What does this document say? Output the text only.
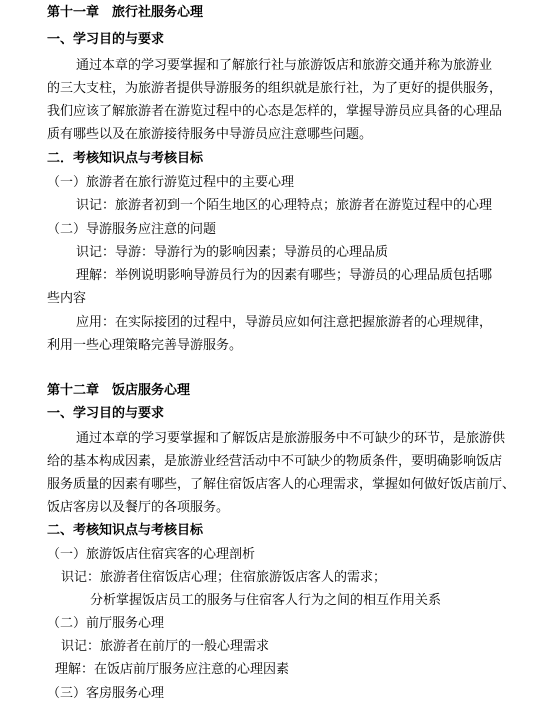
第十一章　旅行社服务心理
一、学习目的与要求
通过本章的学习要掌握和了解旅行社与旅游饭店和旅游交通并称为旅游业
的三大支柱，为旅游者提供导游服务的组织就是旅行社，为了更好的提供服务，
我们应该了解旅游者在游览过程中的心态是怎样的，掌握导游员应具备的心理品
质有哪些以及在旅游接待服务中导游员应注意哪些问题。
二．考核知识点与考核目标
（一）旅游者在旅行游览过程中的主要心理
识记：旅游者初到一个陌生地区的心理特点；旅游者在游览过程中的心理
（二）导游服务应注意的问题
识记：导游：导游行为的影响因素；导游员的心理品质
理解：举例说明影响导游员行为的因素有哪些；导游员的心理品质包括哪
些内容
应用：在实际接团的过程中，导游员应如何注意把握旅游者的心理规律，
利用一些心理策略完善导游服务。
第十二章　饭店服务心理
一、学习目的与要求
通过本章的学习要掌握和了解饭店是旅游服务中不可缺少的环节，是旅游供
给的基本构成因素，是旅游业经营活动中不可缺少的物质条件，要明确影响饭店
服务质量的因素有哪些，了解住宿饭店客人的心理需求，掌握如何做好饭店前厅、
饭店客房以及餐厅的各项服务。
二、考核知识点与考核目标
（一）旅游饭店住宿宾客的心理剖析
识记：旅游者住宿饭店心理；住宿旅游饭店客人的需求；
分析掌握饭店员工的服务与住宿客人行为之间的相互作用关系
（二）前厅服务心理
识记：旅游者在前厅的一般心理需求
理解：在饭店前厅服务应注意的心理因素
（三）客房服务心理
